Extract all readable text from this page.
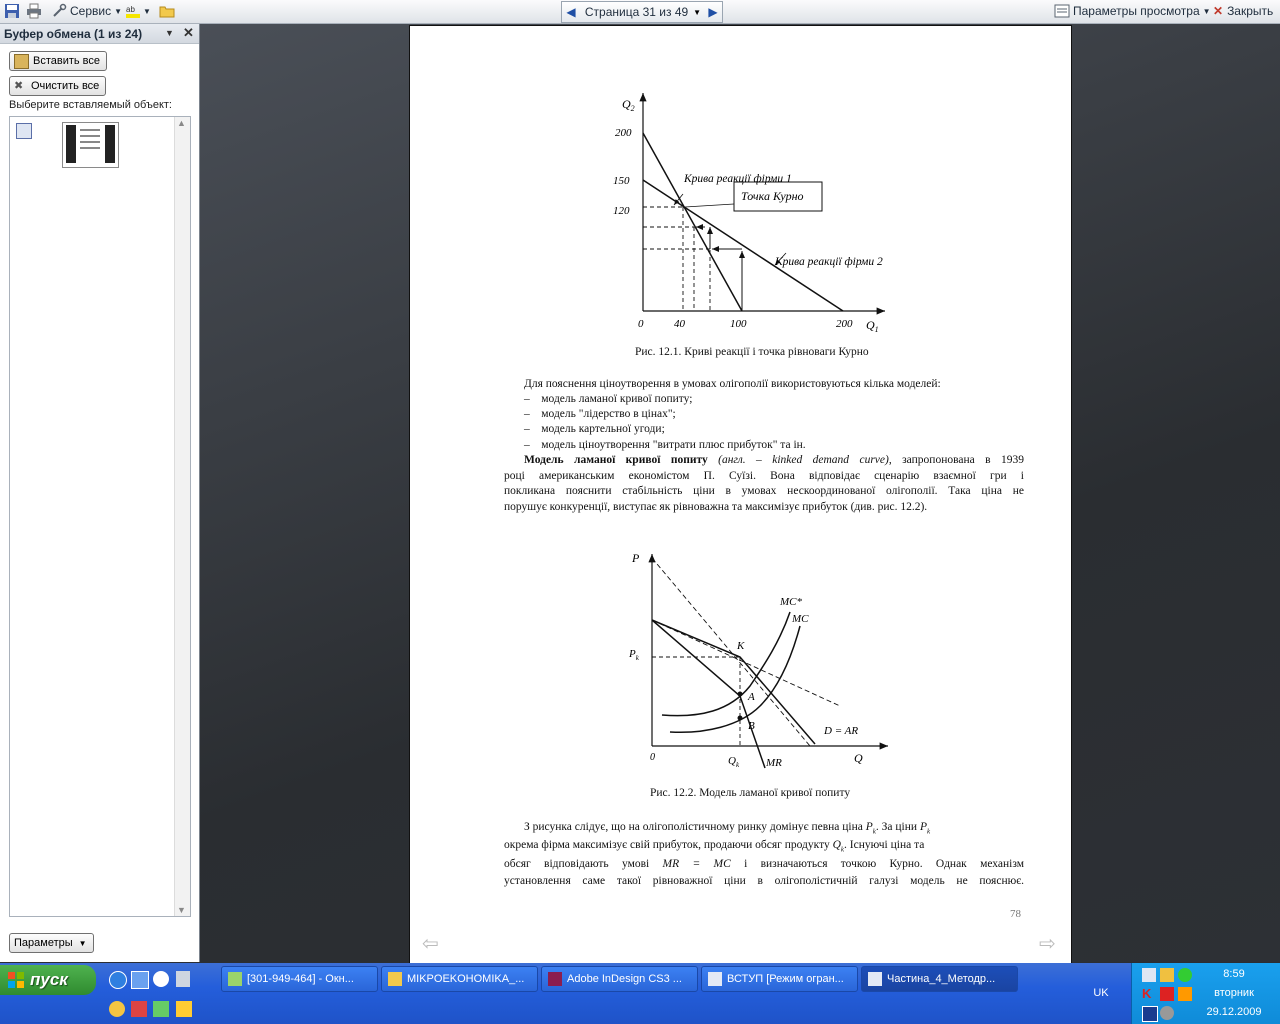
Сервис ▼ ab ▼	◀ Страница 31 из 49 ▼ ▶	Параметры просмотра ▼ ✕ Закрыть
Буфер обмена (1 из 24)	▼ ✕
Вставить все
✖ Очистить все
Выберите вставляемый объект:
▲
▼
Параметры ▼
$Q_2$
200
150
120
0	40	100	200 $Q_1$
Крива реакції фірми 1
Крива реакції фірми 2
Точка Курно
Рис. 12.1. Криві реакції і точка рівноваги Курно
Для пояснення ціноутворення в умовах олігополії використовуються кілька моделей:
–    модель ламаної кривої попиту;
–    модель "лідерство в цінах";
–    модель картельної угоди;
–    модель ціноутворення "витрати плюс прибуток" та ін.
Модель ламаної кривої попиту (англ. – kinked demand curve), запропонована в 1939
році американським економістом П. Суїзі. Вона відповідає сценарію взаємної гри і
покликана пояснити стабільність ціни в умовах нескоординованої олігополії. Така ціна не
порушує конкуренції, виступає як рівноважна та максимізує прибуток (див. рис. 12.2).
P
Q
0
$P_k$
$Q_k$
MC*
MC
K
A
B	D = AR
MR
Рис. 12.2. Модель ламаної кривої попиту
З рисунка слідує, що на олігополістичному ринку домінує певна ціна $P_k$. За ціни $P_k$
окрема фірма максимізує свій прибуток, продаючи обсяг продукту $Q_k$. Існуючі ціна та
обсяг відповідають умові MR = MC і визначаються точкою Курно. Однак механізм
установлення саме такої рівноважної ціни в олігополістичній галузі модель не пояснює.
78
⇦	⇨
пуск	[301-949-464] - Окн...	MIKPOEKOHOMIKA_...	Adobe InDesign CS3 ...	ВСТУП [Режим огран...	Частина_4_Методр...
UK	K
8:59
вторник
29.12.2009
